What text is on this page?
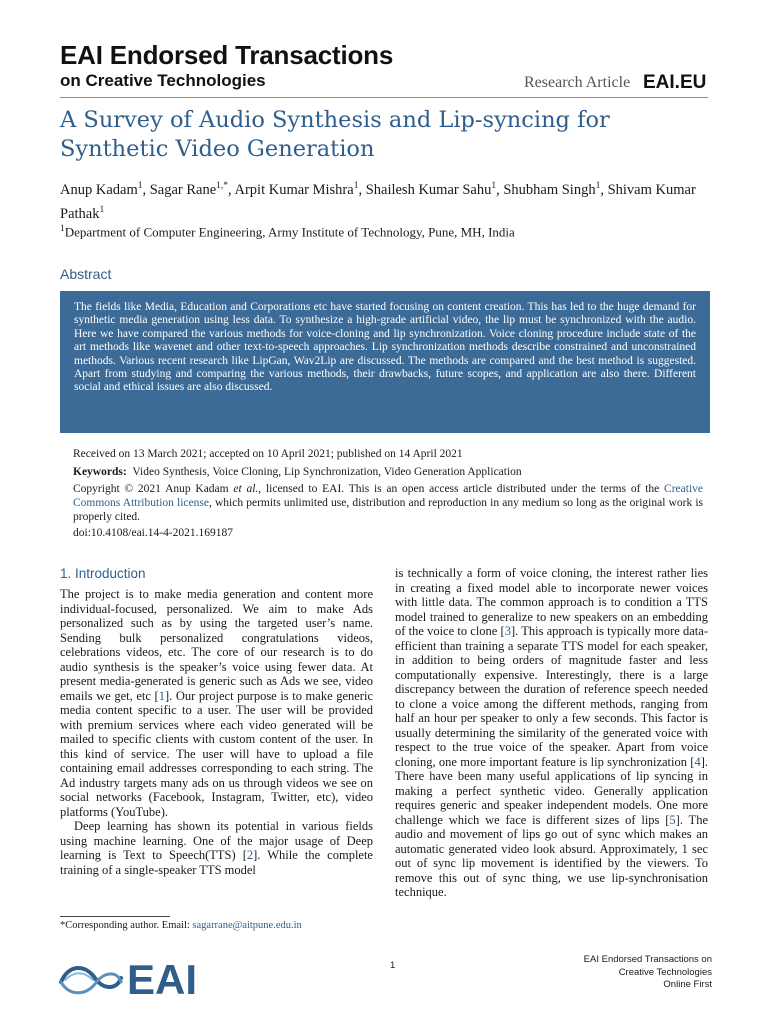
EAI Endorsed Transactions
on Creative Technologies	Research Article EAI.EU
A Survey of Audio Synthesis and Lip-syncing for Synthetic Video Generation
Anup Kadam$^1$, Sagar Rane$^{1,*}$, Arpit Kumar Mishra$^1$, Shailesh Kumar Sahu$^1$, Shubham Singh$^1$, Shivam Kumar Pathak$^1$
$^1$Department of Computer Engineering, Army Institute of Technology, Pune, MH, India
Abstract

The fields like Media, Education and Corporations etc have started focusing on content creation. This has led to the huge demand for synthetic media generation using less data. To synthesize a high-grade artificial video, the lip must be synchronized with the audio. Here we have compared the various methods for voice-cloning and lip synchronization. Voice cloning procedure include state of the art methods like wavenet and other text-to-speech approaches. Lip synchronization methods describe constrained and unconstrained methods. Various recent research like LipGan, Wav2Lip are discussed. The methods are compared and the best method is suggested. Apart from studying and comparing the various methods, their drawbacks, future scopes, and application are also there. Different social and ethical issues are also discussed.

Received on 13 March 2021; accepted on 10 April 2021; published on 14 April 2021
Keywords: Video Synthesis, Voice Cloning, Lip Synchronization, Video Generation Application
Copyright © 2021 Anup Kadam et al., licensed to EAI. This is an open access article distributed under the terms of the Creative Commons Attribution license, which permits unlimited use, distribution and reproduction in any medium so long as the original work is properly cited.
doi:10.4108/eai.14-4-2021.169187
1. Introduction

The project is to make media generation and content more individual-focused, personalized. We aim to make Ads personalized such as by using the targeted user’s name. Sending bulk personalized congratulations videos, celebrations videos, etc. The core of our research is to do audio synthesis is the speaker’s voice using fewer data. At present media-generated is generic such as Ads we see, video emails we get, etc [1]. Our project purpose is to make generic media content specific to a user. The user will be provided with premium services where each video generated will be mailed to specific clients with custom content of the user. In this kind of service. The user will have to upload a file containing email addresses corresponding to each string. The Ad industry targets many ads on us through videos we see on social networks (Facebook, Instagram, Twitter, etc), video platforms (YouTube).

Deep learning has shown its potential in various fields using machine learning. One of the major usage of Deep learning is Text to Speech(TTS) [2]. While the complete training of a single-speaker TTS model

is technically a form of voice cloning, the interest rather lies in creating a fixed model able to incorporate newer voices with little data. The common approach is to condition a TTS model trained to generalize to new speakers on an embedding of the voice to clone [3]. This approach is typically more data-efficient than training a separate TTS model for each speaker, in addition to being orders of magnitude faster and less computationally expensive. Interestingly, there is a large discrepancy between the duration of reference speech needed to clone a voice among the different methods, ranging from half an hour per speaker to only a few seconds. This factor is usually determining the similarity of the generated voice with respect to the true voice of the speaker. Apart from voice cloning, one more important feature is lip synchronization [4]. There have been many useful applications of lip syncing in making a perfect synthetic video. Generally application requires generic and speaker independent models. One more challenge which we face is different sizes of lips [5]. The audio and movement of lips go out of sync which makes an automatic generated video look absurd. Approximately, 1 sec out of sync lip movement is identified by the viewers. To remove this out of sync thing, we use lip-synchronisation technique.

*Corresponding author. Email: sagarrane@aitpune.edu.in
EAI	1
EAI Endorsed Transactions on
Creative Technologies
Online First
